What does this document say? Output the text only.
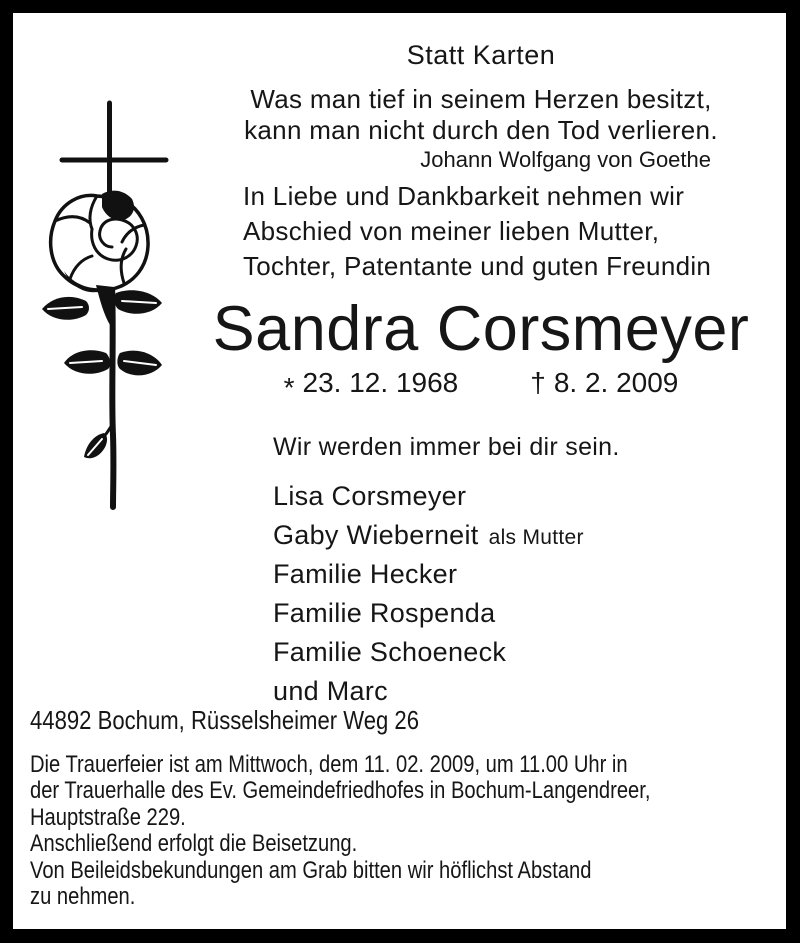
Statt Karten
Was man tief in seinem Herzen besitzt,
kann man nicht durch den Tod verlieren.
Johann Wolfgang von Goethe
In Liebe und Dankbarkeit nehmen wir
Abschied von meiner lieben Mutter,
Tochter, Patentante und guten Freundin
Sandra Corsmeyer
* 23. 12. 1968	† 8. 2. 2009
Wir werden immer bei dir sein.
Lisa Corsmeyer
Gaby Wieberneit als Mutter
Familie Hecker
Familie Rospenda
Familie Schoeneck
und Marc
44892 Bochum, Rüsselsheimer Weg 26
Die Trauerfeier ist am Mittwoch, dem 11. 02. 2009, um 11.00 Uhr in
der Trauerhalle des Ev. Gemeindefriedhofes in Bochum-Langendreer,
Hauptstraße 229.
Anschließend erfolgt die Beisetzung.
Von Beileidsbekundungen am Grab bitten wir höflichst Abstand
zu nehmen.
